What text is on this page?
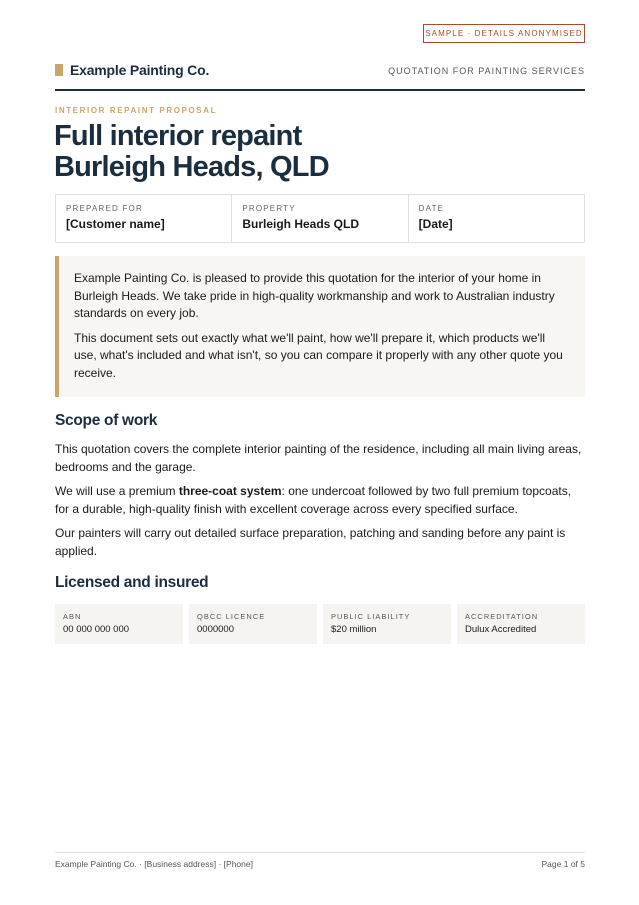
SAMPLE · DETAILS ANONYMISED
Example Painting Co.	QUOTATION FOR PAINTING SERVICES
INTERIOR REPAINT PROPOSAL
Full interior repaint
Burleigh Heads, QLD
PREPARED FOR
[Customer name]
PROPERTY
Burleigh Heads QLD
DATE
[Date]

Example Painting Co. is pleased to provide this quotation for the interior of your home in Burleigh Heads. We take pride in high-quality workmanship and work to Australian industry standards on every job.

This document sets out exactly what we'll paint, how we'll prepare it, which products we'll use, what's included and what isn't, so you can compare it properly with any other quote you receive.

Scope of work

This quotation covers the complete interior painting of the residence, including all main living areas, bedrooms and the garage.

We will use a premium three-coat system: one undercoat followed by two full premium topcoats, for a durable, high-quality finish with excellent coverage across every specified surface.

Our painters will carry out detailed surface preparation, patching and sanding before any paint is applied.

Licensed and insured
ABN
00 000 000 000
QBCC LICENCE
0000000
PUBLIC LIABILITY
$20 million
ACCREDITATION
Dulux Accredited
Example Painting Co. · [Business address] · [Phone]	Page 1 of 5
